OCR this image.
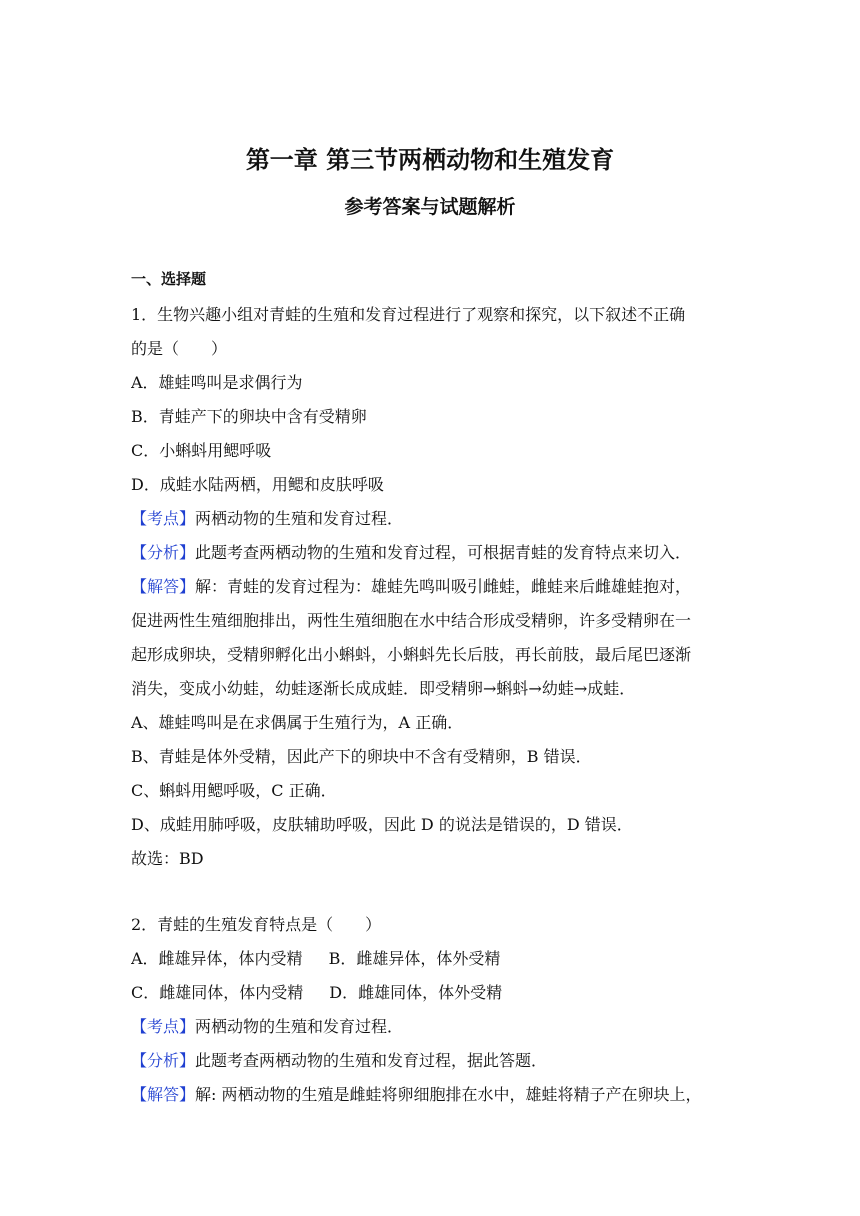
第一章 第三节两栖动物和生殖发育
参考答案与试题解析
一、选择题
1．生物兴趣小组对青蛙的生殖和发育过程进行了观察和探究，以下叙述不正确
的是（　　）
A．雄蛙鸣叫是求偶行为
B．青蛙产下的卵块中含有受精卵
C．小蝌蚪用鳃呼吸
D．成蛙水陆两栖，用鳃和皮肤呼吸
【考点】两栖动物的生殖和发育过程．
【分析】此题考查两栖动物的生殖和发育过程，可根据青蛙的发育特点来切入．
【解答】解：青蛙的发育过程为：雄蛙先鸣叫吸引雌蛙，雌蛙来后雌雄蛙抱对，
促进两性生殖细胞排出，两性生殖细胞在水中结合形成受精卵，许多受精卵在一
起形成卵块，受精卵孵化出小蝌蚪，小蝌蚪先长后肢，再长前肢，最后尾巴逐渐
消失，变成小幼蛙，幼蛙逐渐长成成蛙．即受精卵→蝌蚪→幼蛙→成蛙．
A、雄蛙鸣叫是在求偶属于生殖行为，A 正确．
B、青蛙是体外受精，因此产下的卵块中不含有受精卵，B 错误．
C、蝌蚪用鳃呼吸，C 正确．
D、成蛙用肺呼吸，皮肤辅助呼吸，因此 D 的说法是错误的，D 错误．
故选：BD
2．青蛙的生殖发育特点是（　　）
A．雌雄异体，体内受精 B．雌雄异体，体外受精
C．雌雄同体，体内受精 D．雌雄同体，体外受精
【考点】两栖动物的生殖和发育过程．
【分析】此题考查两栖动物的生殖和发育过程，据此答题．
【解答】解: 两栖动物的生殖是雌蛙将卵细胞排在水中，雄蛙将精子产在卵块上，
